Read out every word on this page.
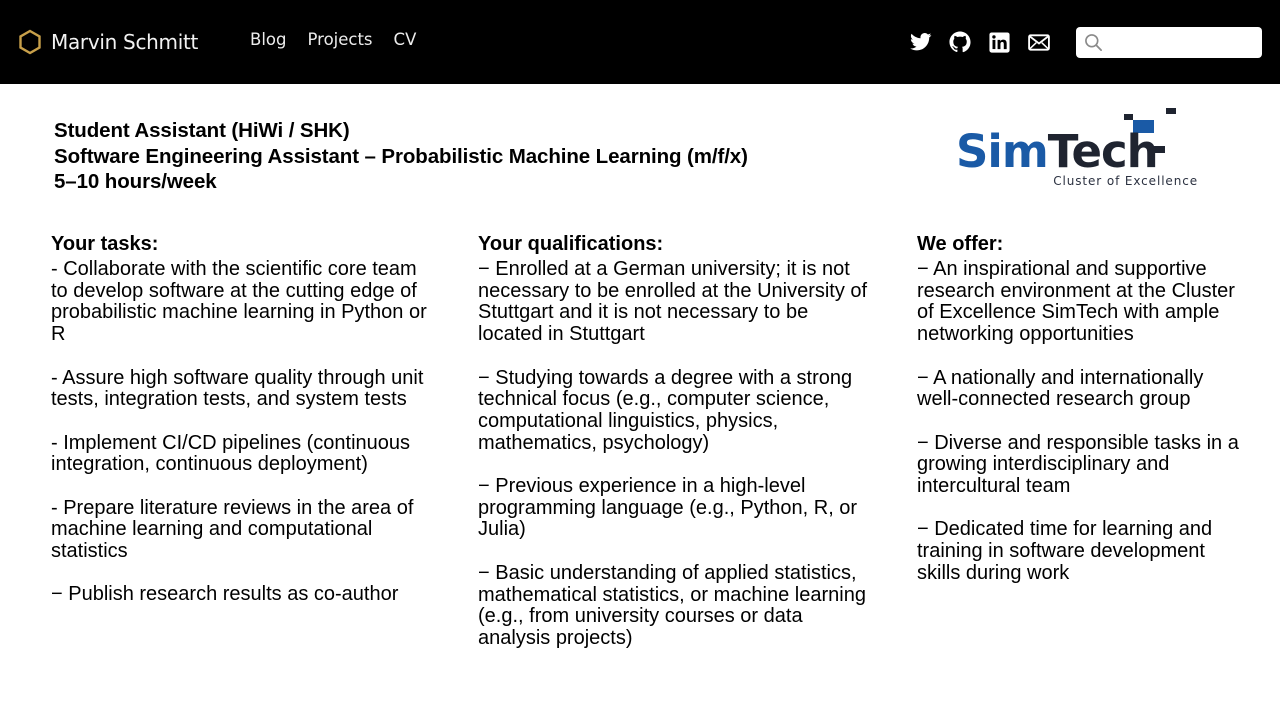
Marvin Schmitt	Blog Projects CV
Student Assistant (HiWi / SHK)
Software Engineering Assistant – Probabilistic Machine Learning (m/f/x)
5–10 hours/week
SimTech
Cluster of Excellence
Your tasks:
- Collaborate with the scientific core team to develop software at the cutting edge of probabilistic machine learning in Python or R
- Assure high software quality through unit tests, integration tests, and system tests
- Implement CI/CD pipelines (continuous integration, continuous deployment)
- Prepare literature reviews in the area of machine learning and computational statistics
− Publish research results as co-author
Your qualifications:
− Enrolled at a German university; it is not necessary to be enrolled at the University of Stuttgart and it is not necessary to be located in Stuttgart
− Studying towards a degree with a strong technical focus (e.g., computer science, computational linguistics, physics, mathematics, psychology)
− Previous experience in a high-level programming language (e.g., Python, R, or Julia)
− Basic understanding of applied statistics, mathematical statistics, or machine learning (e.g., from university courses or data analysis projects)
We offer:
− An inspirational and supportive research environment at the Cluster of Excellence SimTech with ample networking opportunities
− A nationally and internationally well-connected research group
− Diverse and responsible tasks in a growing interdisciplinary and intercultural team
− Dedicated time for learning and training in software development skills during work
